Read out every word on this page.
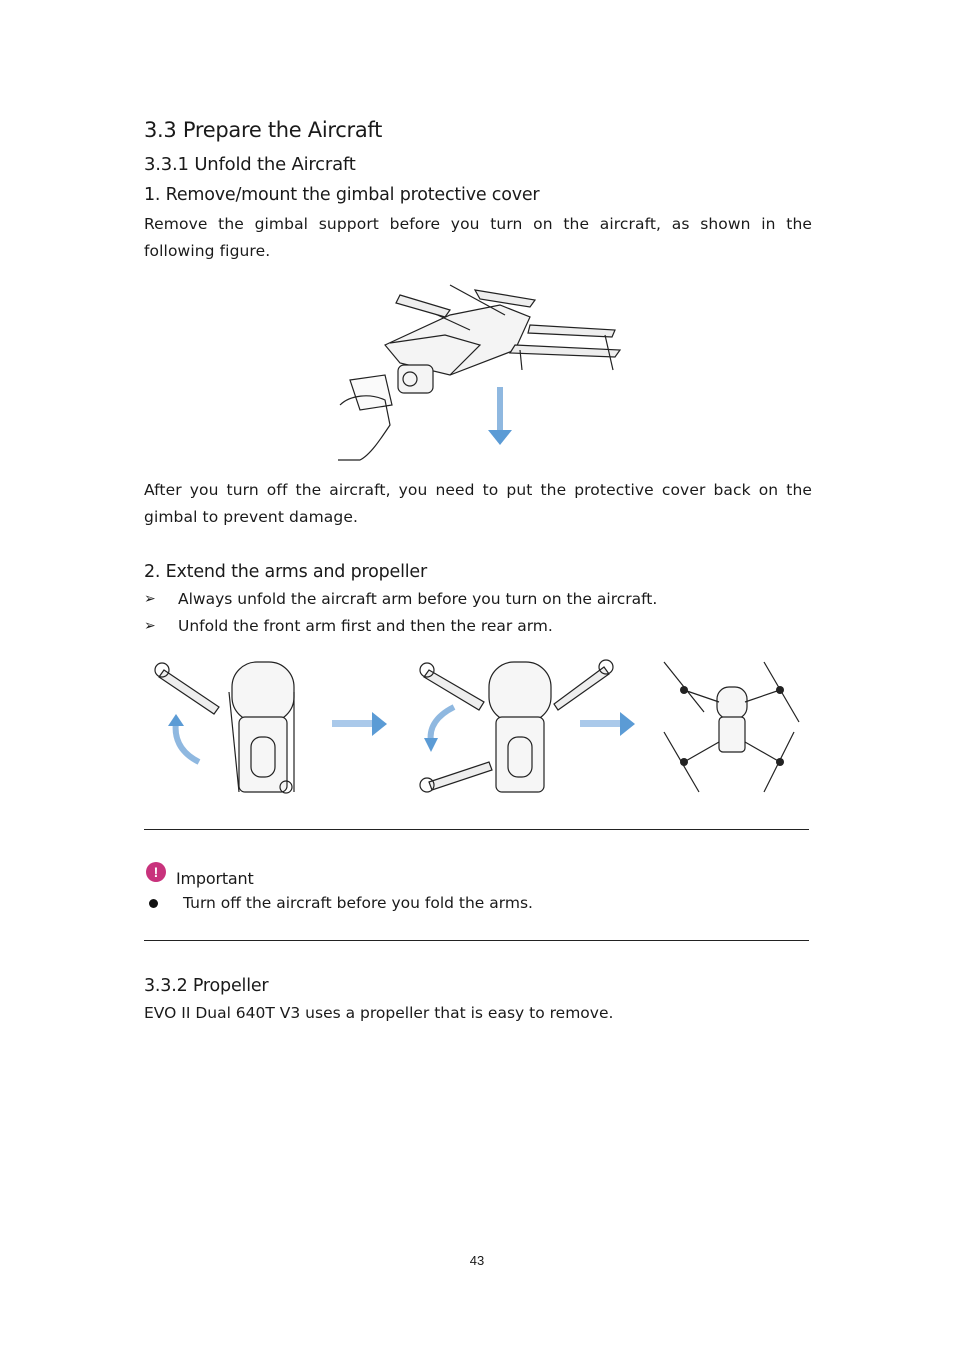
3.3 Prepare the Aircraft
3.3.1 Unfold the Aircraft
1. Remove/mount the gimbal protective cover
Remove the gimbal support before you turn on the aircraft, as shown in the following figure.
After you turn off the aircraft, you need to put the protective cover back on the gimbal to prevent damage.
2. Extend the arms and propeller
➢	Always unfold the aircraft arm before you turn on the aircraft.
➢	Unfold the front arm first and then the rear arm.
!	Important
Turn off the aircraft before you fold the arms.
3.3.2 Propeller
EVO II Dual 640T V3 uses a propeller that is easy to remove.
43
